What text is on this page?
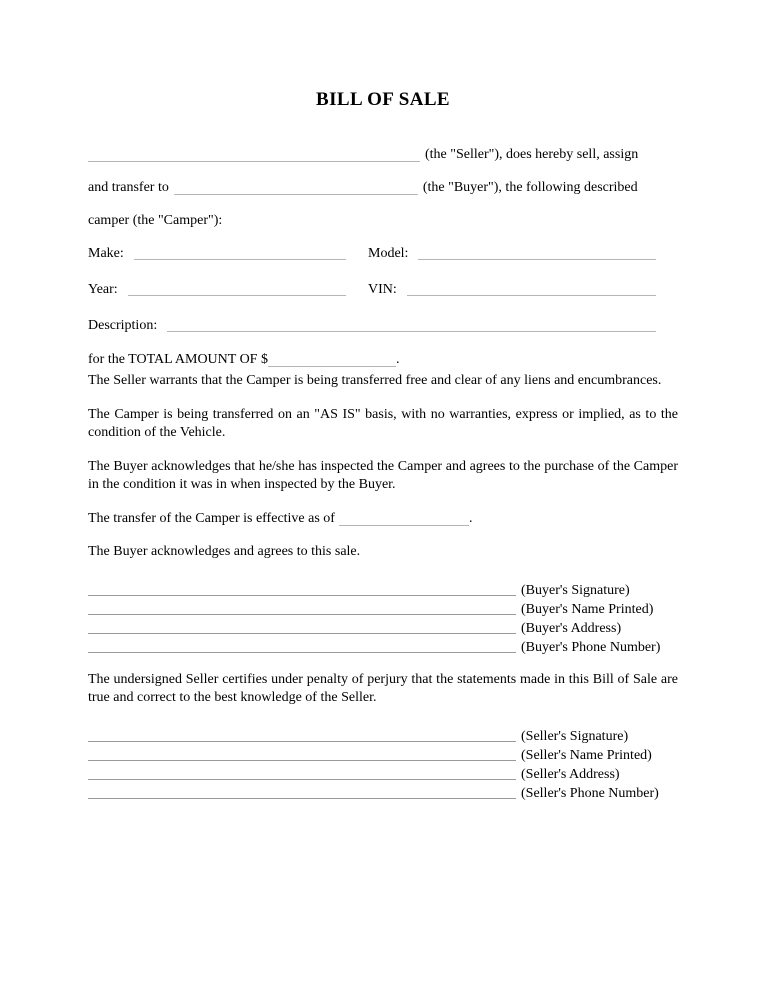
BILL OF SALE
(the "Seller"), does hereby sell, assign
and transfer to	(the "Buyer"), the following described
camper (the "Camper"):
Make:	Model:
Year:	VIN:
Description:
for the TOTAL AMOUNT OF $	.

The Seller warrants that the Camper is being transferred free and clear of any liens and encumbrances.

The Camper is being transferred on an "AS IS" basis, with no warranties, express or implied, as to the condition of the Vehicle.

The Buyer acknowledges that he/she has inspected the Camper and agrees to the purchase of the Camper in the condition it was in when inspected by the Buyer.

The transfer of the Camper is effective as of	.
The Buyer acknowledges and agrees to this sale.
(Buyer's Signature)
(Buyer's Name Printed)
(Buyer's Address)
(Buyer's Phone Number)

The undersigned Seller certifies under penalty of perjury that the statements made in this Bill of Sale are true and correct to the best knowledge of the Seller.

(Seller's Signature)
(Seller's Name Printed)
(Seller's Address)
(Seller's Phone Number)
